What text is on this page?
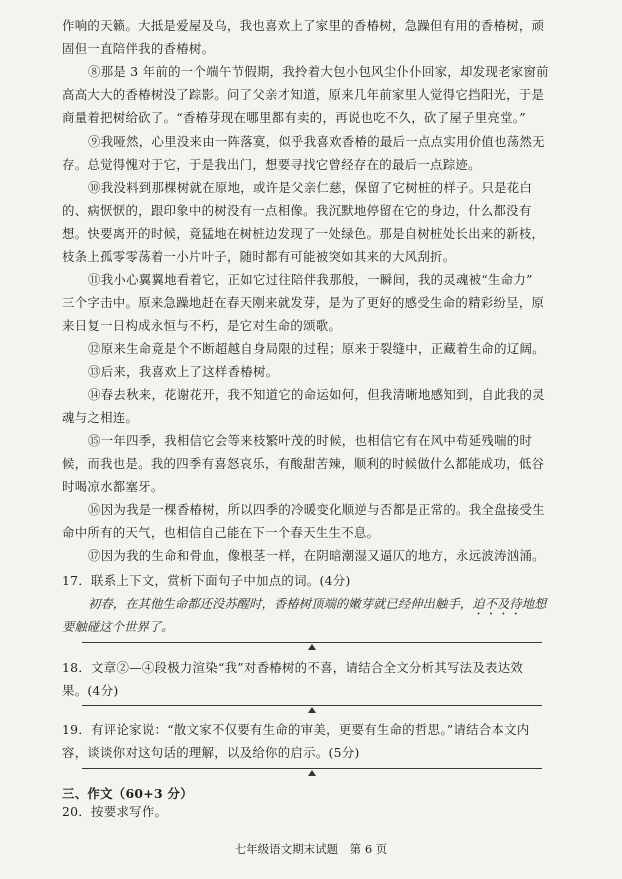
作响的天籁。大抵是爱屋及乌，我也喜欢上了家里的香椿树，急躁但有用的香椿树，顽
固但一直陪伴我的香椿树。
⑧那是 3 年前的一个端午节假期，我拎着大包小包风尘仆仆回家，却发现老家窗前
高高大大的香椿树没了踪影。问了父亲才知道，原来几年前家里人觉得它挡阳光，于是
商量着把树给砍了。“香椿芽现在哪里都有卖的，再说也吃不久，砍了屋子里亮堂。”
⑨我哑然，心里没来由一阵落寞，似乎我喜欢香椿的最后一点点实用价值也荡然无
存。总觉得愧对于它，于是我出门，想要寻找它曾经存在的最后一点踪迹。
⑩我没料到那棵树就在原地，或许是父亲仁慈，保留了它树桩的样子。只是花白
的、病恹恹的，跟印象中的树没有一点相像。我沉默地停留在它的身边，什么都没有
想。快要离开的时候，竟猛地在树桩边发现了一处绿色。那是自树桩处长出来的新枝，
枝条上孤零零荡着一小片叶子，随时都有可能被突如其来的大风刮折。
⑪我小心翼翼地看着它，正如它过往陪伴我那般，一瞬间，我的灵魂被“生命力”
三个字击中。原来急躁地赶在春天刚来就发芽，是为了更好的感受生命的精彩纷呈，原
来日复一日构成永恒与不朽，是它对生命的颂歌。
⑫原来生命竟是个不断超越自身局限的过程；原来于裂缝中，正藏着生命的辽阔。
⑬后来，我喜欢上了这样香椿树。
⑭春去秋来，花谢花开，我不知道它的命运如何，但我清晰地感知到，自此我的灵
魂与之相连。
⑮一年四季，我相信它会等来枝繁叶茂的时候，也相信它有在风中苟延残喘的时
候，而我也是。我的四季有喜怒哀乐，有酸甜苦辣，顺利的时候做什么都能成功，低谷
时喝凉水都塞牙。
⑯因为我是一棵香椿树，所以四季的冷暖变化顺逆与否都是正常的。我全盘接受生
命中所有的天气，也相信自己能在下一个春天生生不息。
⑰因为我的生命和骨血，像根茎一样，在阴暗潮湿又逼仄的地方，永远波涛汹涌。
17．联系上下文，赏析下面句子中加点的词。(4分)
初春，在其他生命都还没苏醒时，香椿树顶端的嫩芽就已经伸出触手，迫不及待地想
要触碰这个世界了。
18．文章②—④段极力渲染“我”对香椿树的不喜，请结合全文分析其写法及表达效
果。(4分)
19．有评论家说：“散文家不仅要有生命的审美，更要有生命的哲思。”请结合本文内
容，谈谈你对这句话的理解，以及给你的启示。(5分)
三、作文（60+3 分）
20．按要求写作。
七年级语文期末试题　第 6 页
